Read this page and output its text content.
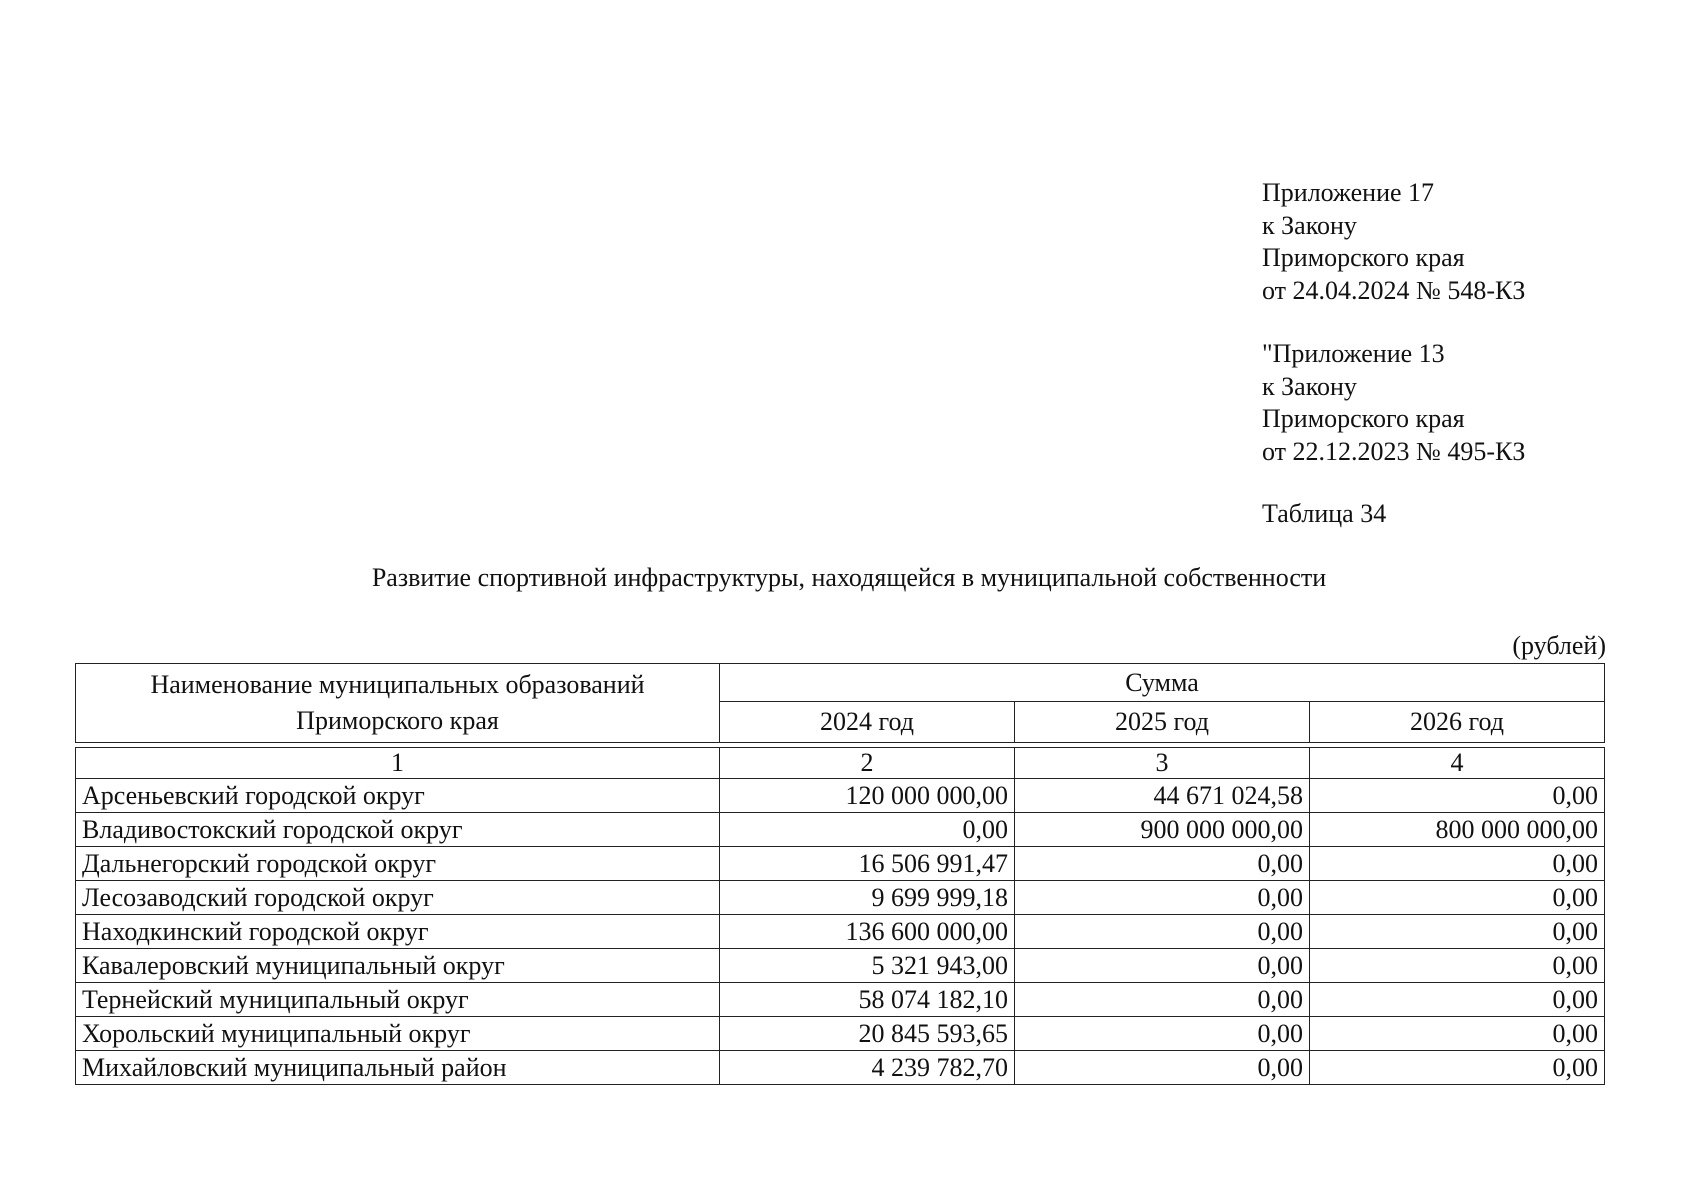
Приложение 17
к Закону
Приморского края
от 24.04.2024 № 548-КЗ
"Приложение 13
к Закону
Приморского края
от 22.12.2023 № 495-КЗ
Таблица 34
Развитие спортивной инфраструктуры, находящейся в муниципальной собственности
(рублей)
Наименование муниципальных образований
Приморского края	Сумма		
	2024 год	2025 год	2026 год

1	2	3	4
Арсеньевский городской округ	120 000 000,00	44 671 024,58	0,00
Владивостокский городской округ	0,00	900 000 000,00	800 000 000,00
Дальнегорский городской округ	16 506 991,47	0,00	0,00
Лесозаводский городской округ	9 699 999,18	0,00	0,00
Находкинский городской округ	136 600 000,00	0,00	0,00
Кавалеровский муниципальный округ	5 321 943,00	0,00	0,00
Тернейский муниципальный округ	58 074 182,10	0,00	0,00
Хорольский муниципальный округ	20 845 593,65	0,00	0,00
Михайловский муниципальный район	4 239 782,70	0,00	0,00
